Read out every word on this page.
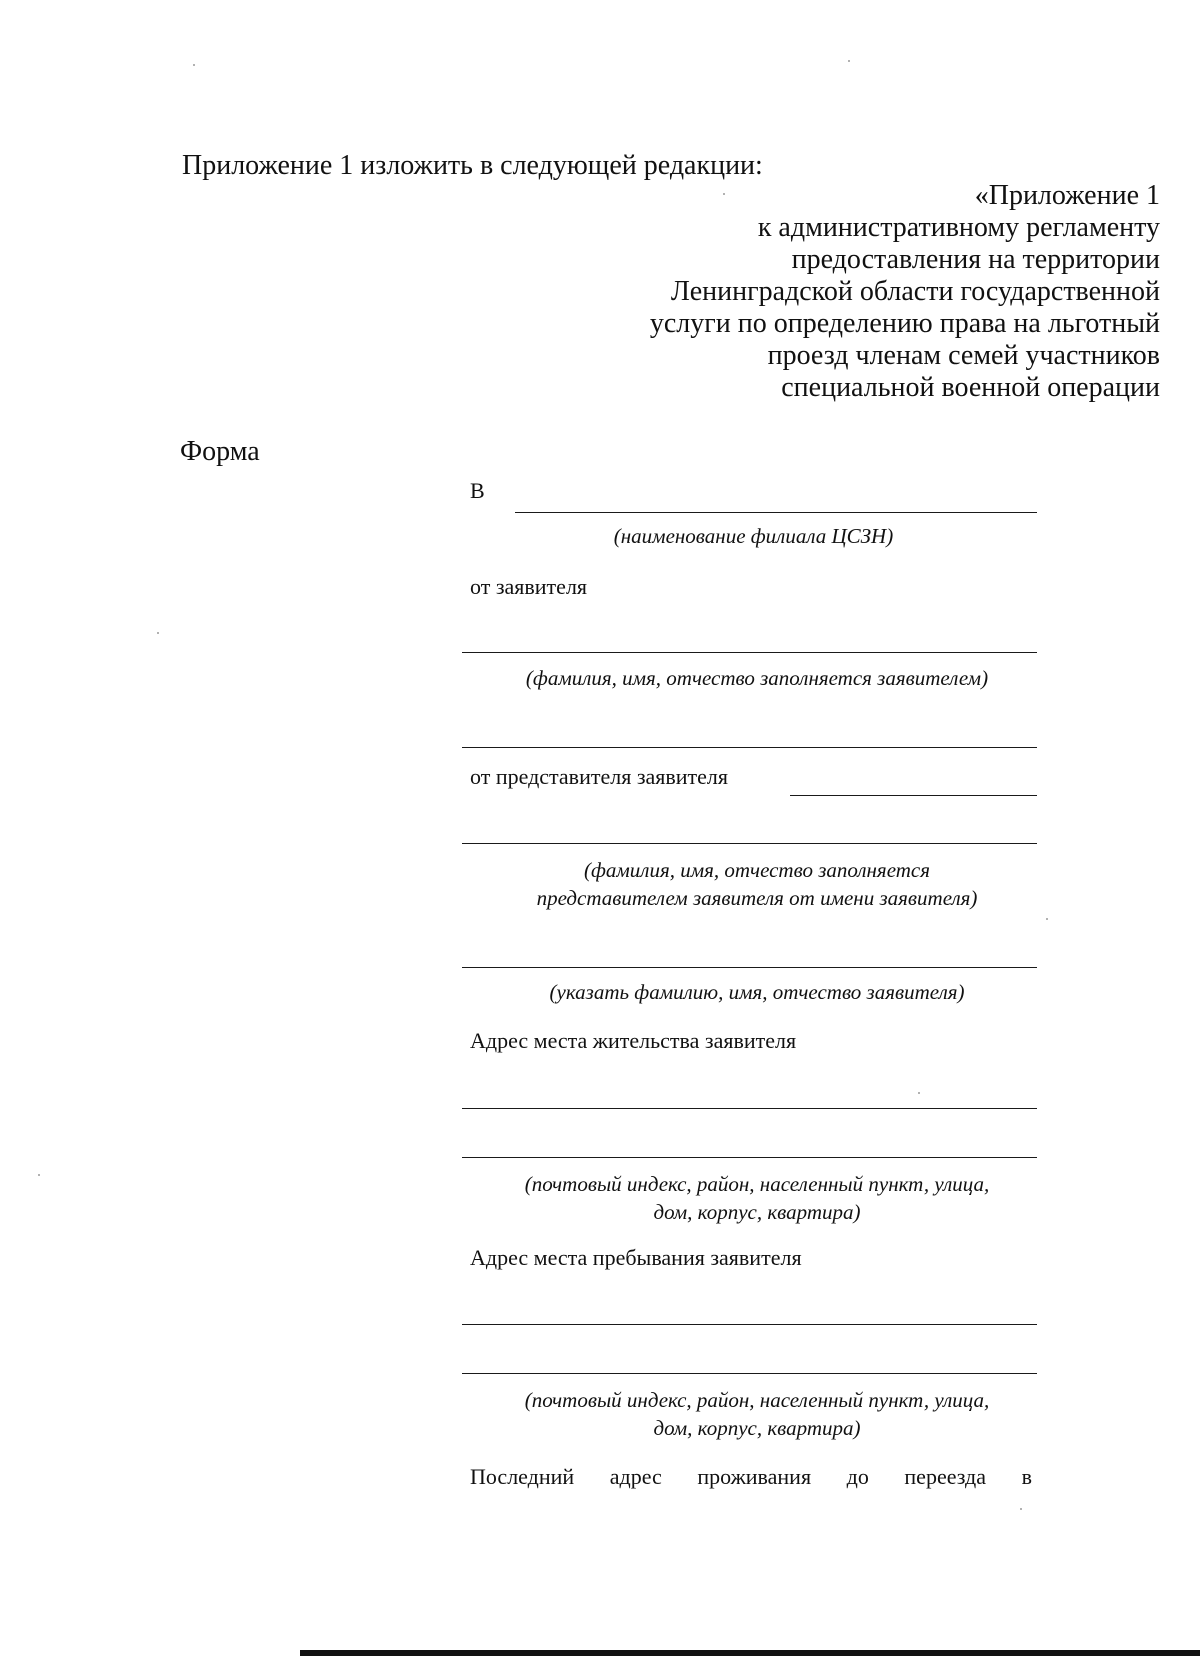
Приложение 1 изложить в следующей редакции:
«Приложение 1
к административному регламенту
предоставления на территории
Ленинградской области государственной
услуги по определению права на льготный
проезд членам семей участников
специальной военной операции
Форма
В
(наименование филиала ЦСЗН)
от заявителя
(фамилия, имя, отчество заполняется заявителем)
от представителя заявителя
(фамилия, имя, отчество заполняется
представителем заявителя от имени заявителя)
(указать фамилию, имя, отчество заявителя)
Адрес места жительства заявителя
(почтовый индекс, район, населенный пункт, улица,
дом, корпус, квартира)
Адрес места пребывания заявителя
(почтовый индекс, район, населенный пункт, улица,
дом, корпус, квартира)
Последний адрес проживания до переезда в
